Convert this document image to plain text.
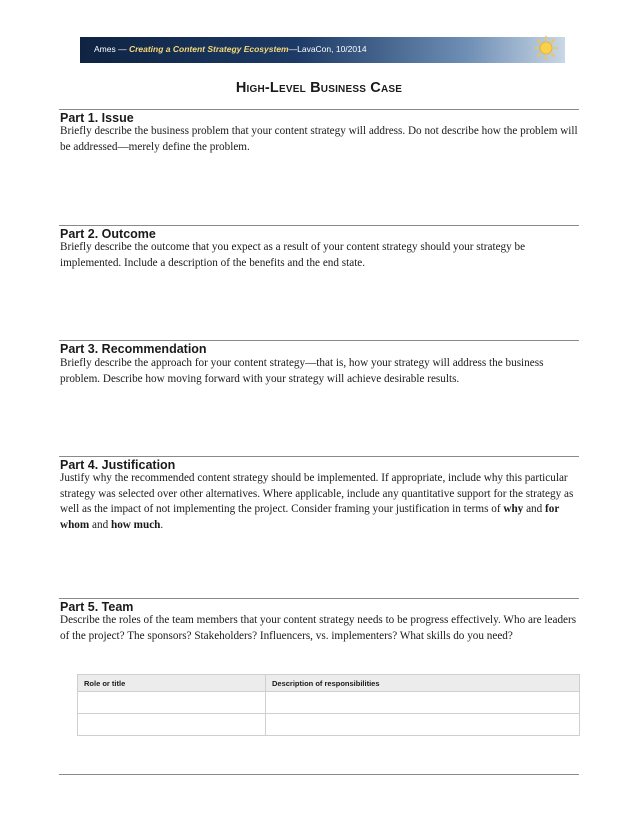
Ames — Creating a Content Strategy Ecosystem—LavaCon, 10/2014
High-Level Business Case
Part 1. Issue
Briefly describe the business problem that your content strategy will address. Do not describe how the problem will be addressed—merely define the problem.
Part 2. Outcome
Briefly describe the outcome that you expect as a result of your content strategy should your strategy be implemented. Include a description of the benefits and the end state.
Part 3. Recommendation
Briefly describe the approach for your content strategy—that is, how your strategy will address the business problem. Describe how moving forward with your strategy will achieve desirable results.
Part 4. Justification
Justify why the recommended content strategy should be implemented. If appropriate, include why this particular strategy was selected over other alternatives. Where applicable, include any quantitative support for the strategy as well as the impact of not implementing the project. Consider framing your justification in terms of why and for whom and how much.
Part 5. Team
Describe the roles of the team members that your content strategy needs to be progress effectively. Who are leaders of the project? The sponsors? Stakeholders? Influencers, vs. implementers? What skills do you need?
Role or title	Description of responsibilities
